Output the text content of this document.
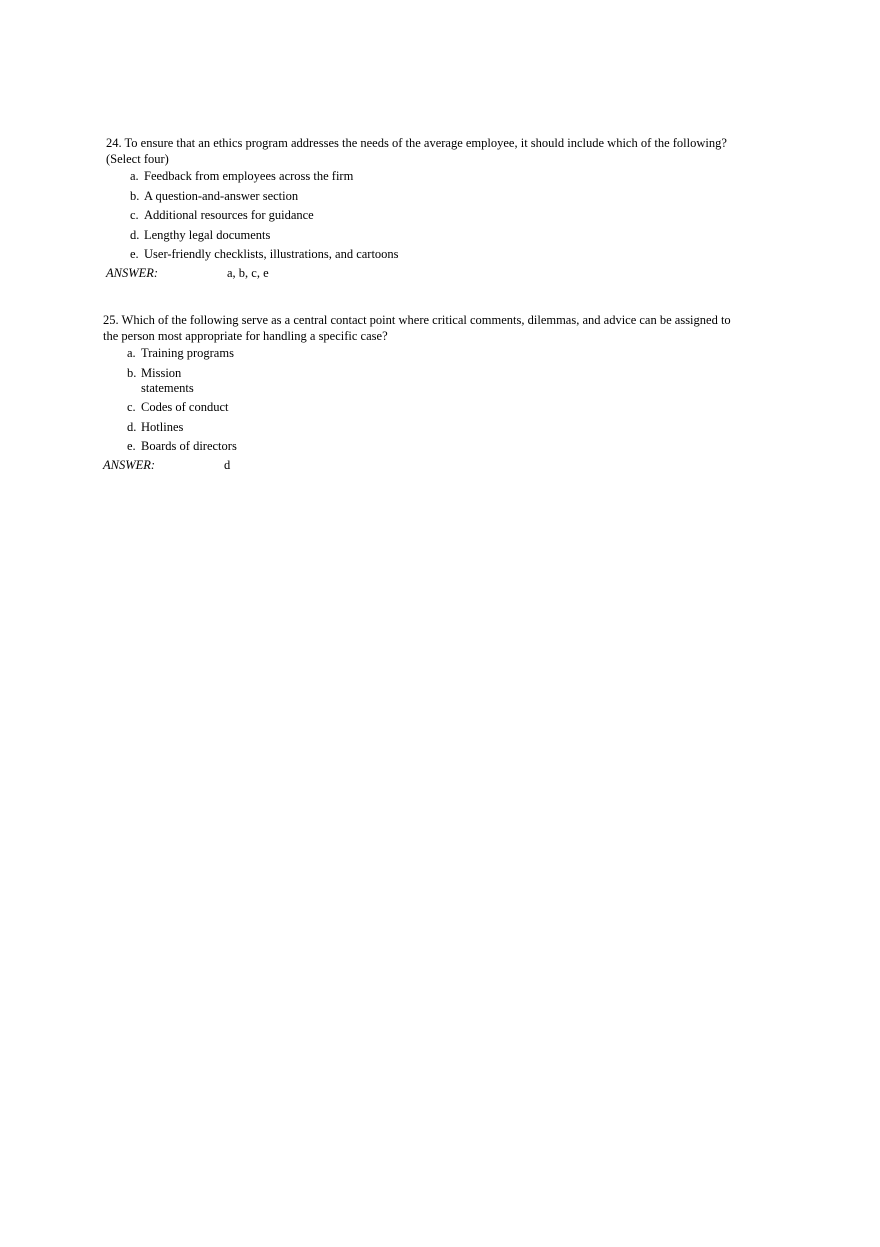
24. To ensure that an ethics program addresses the needs of the average employee, it should include which of the following? (Select four)

a. Feedback from employees across the firm
b. A question-and-answer section
c. Additional resources for guidance
d. Lengthy legal documents
e. User-friendly checklists, illustrations, and cartoons
ANSWER:	a, b, c, e

25. Which of the following serve as a central contact point where critical comments, dilemmas, and advice can be assigned to the person most appropriate for handling a specific case?

a. Training programs
b. Mission statements
c. Codes of conduct
d. Hotlines
e. Boards of directors
ANSWER:	d
